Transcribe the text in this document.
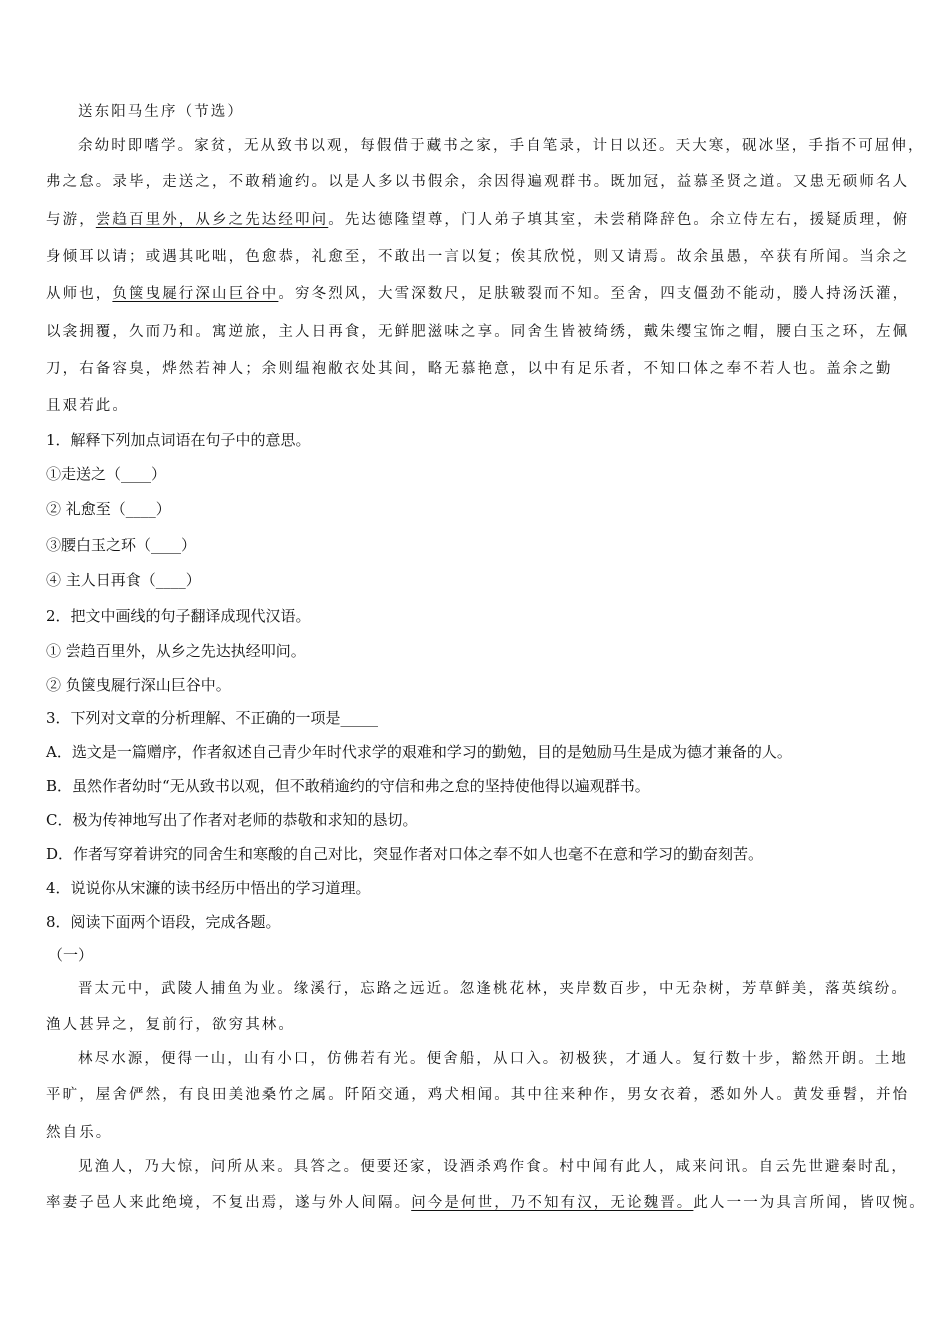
送东阳马生序（节选）
余幼时即嗜学。家贫，无从致书以观，每假借于藏书之家，手自笔录，计日以还。天大寒，砚冰坚，手指不可屈伸，
弗之怠。录毕，走送之，不敢稍逾约。以是人多以书假余，余因得遍观群书。既加冠，益慕圣贤之道。又患无硕师名人
与游，尝趋百里外，从乡之先达经叩问。先达德隆望尊，门人弟子填其室，未尝稍降辞色。余立侍左右，援疑质理，俯
身倾耳以请；或遇其叱咄，色愈恭，礼愈至，不敢出一言以复；俟其欣悦，则又请焉。故余虽愚，卒获有所闻。当余之
从师也，负箧曳屣行深山巨谷中。穷冬烈风，大雪深数尺，足肤皲裂而不知。至舍，四支僵劲不能动，媵人持汤沃灌，
以衾拥覆，久而乃和。寓逆旅，主人日再食，无鲜肥滋味之享。同舍生皆被绮绣，戴朱缨宝饰之帽，腰白玉之环，左佩
刀，右备容臭，烨然若神人；余则缊袍敝衣处其间，略无慕艳意，以中有足乐者，不知口体之奉不若人也。盖余之勤
且艰若此。
1．解释下列加点词语在句子中的意思。
①走送之（____）
② 礼愈至（____）
③腰白玉之环（____）
④ 主人日再食（____）
2．把文中画线的句子翻译成现代汉语。
① 尝趋百里外，从乡之先达执经叩问。
② 负箧曳屣行深山巨谷中。
3．下列对文章的分析理解、不正确的一项是_____
A．选文是一篇赠序，作者叙述自己青少年时代求学的艰难和学习的勤勉，目的是勉励马生是成为德才兼备的人。
B．虽然作者幼时“无从致书以观，但不敢稍逾约的守信和弗之怠的坚持使他得以遍观群书。
C．极为传神地写出了作者对老师的恭敬和求知的恳切。
D．作者写穿着讲究的同舍生和寒酸的自己对比，突显作者对口体之奉不如人也毫不在意和学习的勤奋刻苦。
4．说说你从宋濂的读书经历中悟出的学习道理。
8．阅读下面两个语段，完成各题。
（一）
晋太元中，武陵人捕鱼为业。缘溪行，忘路之远近。忽逢桃花林，夹岸数百步，中无杂树，芳草鲜美，落英缤纷。
渔人甚异之，复前行，欲穷其林。
林尽水源，便得一山，山有小口，仿佛若有光。便舍船，从口入。初极狭，才通人。复行数十步，豁然开朗。土地
平旷，屋舍俨然，有良田美池桑竹之属。阡陌交通，鸡犬相闻。其中往来种作，男女衣着，悉如外人。黄发垂髫，并怡
然自乐。
见渔人，乃大惊，问所从来。具答之。便要还家，设酒杀鸡作食。村中闻有此人，咸来问讯。自云先世避秦时乱，
率妻子邑人来此绝境，不复出焉，遂与外人间隔。问今是何世，乃不知有汉，无论魏晋。此人一一为具言所闻，皆叹惋。
